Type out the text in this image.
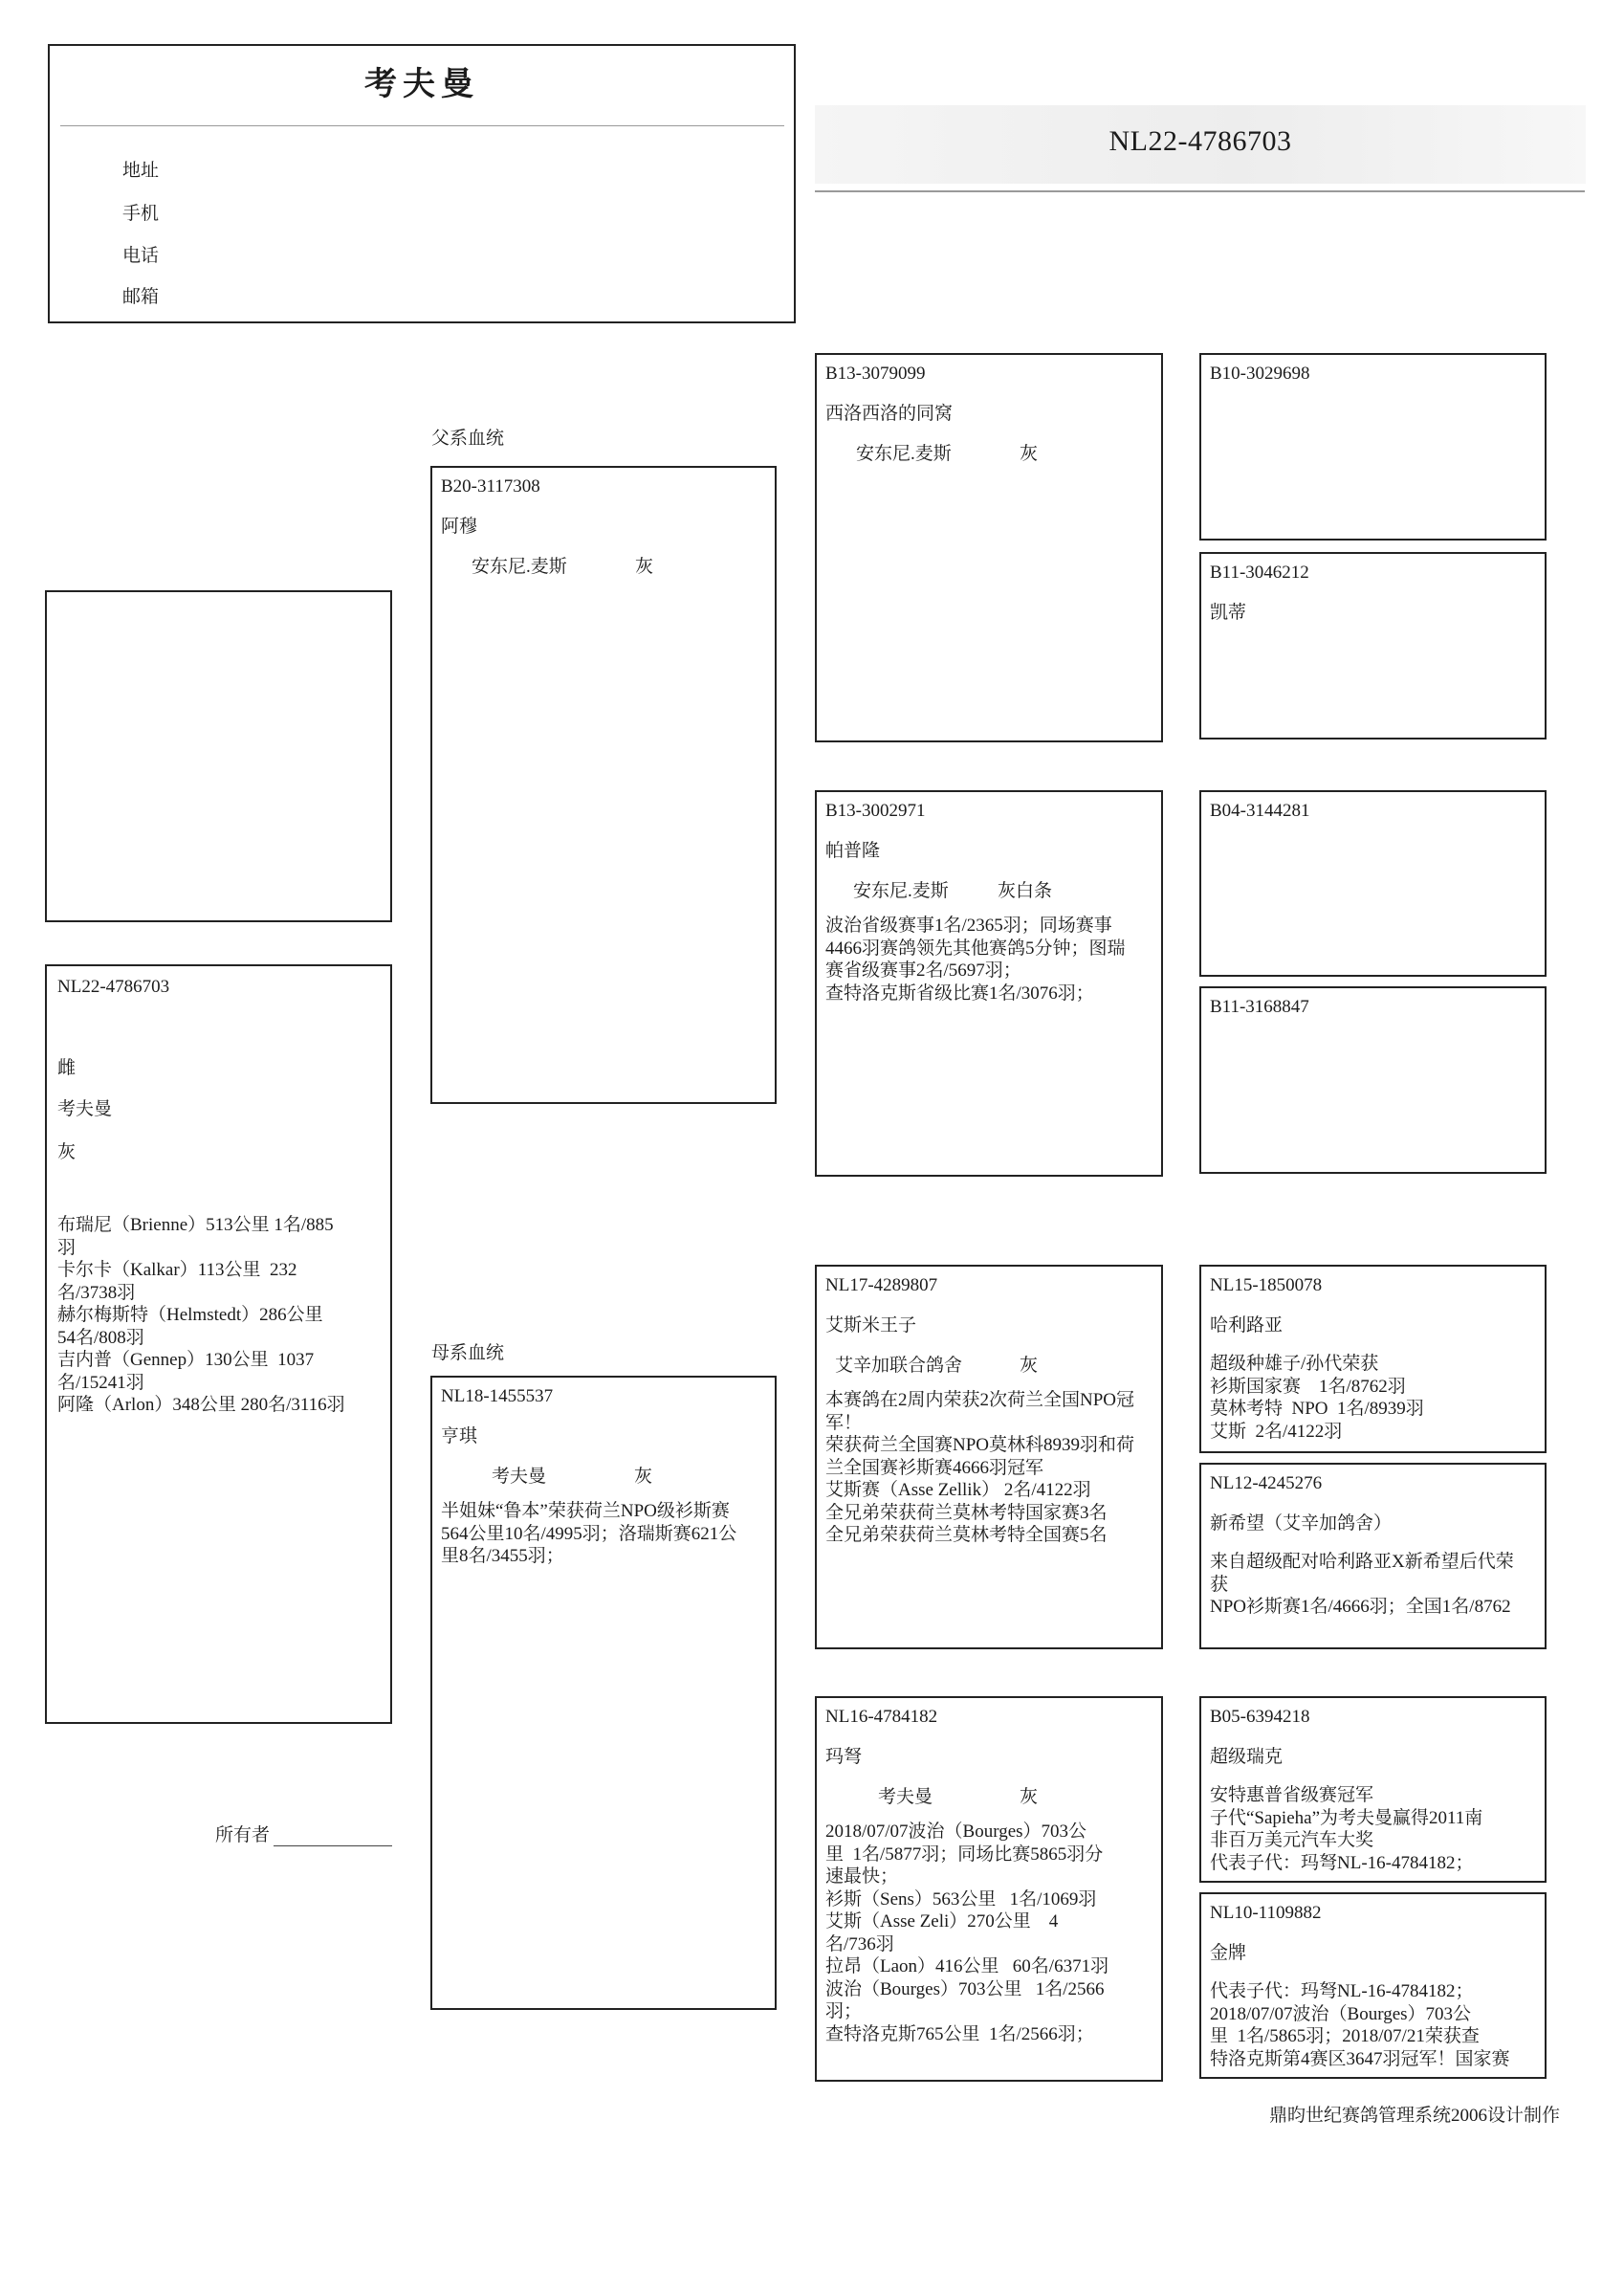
考夫曼
地址
手机
电话
邮箱
NL22-4786703
NL22-4786703
雌
考夫曼
灰
布瑞尼（Brienne）513公里 1名/885
羽
卡尔卡（Kalkar）113公里  232
名/3738羽
赫尔梅斯特（Helmstedt）286公里
54名/808羽
吉内普（Gennep）130公里  1037
名/15241羽
阿隆（Arlon）348公里 280名/3116羽
父系血统
母系血统
B20-3117308
阿穆

安东尼.麦斯

	灰

NL18-1455537
亨琪

考夫曼

	灰

半姐妹“鲁本”荣获荷兰NPO级衫斯赛
564公里10名/4995羽；洛瑞斯赛621公
里8名/3455羽；
B13-3079099
西洛西洛的同窝

安东尼.麦斯

	灰

B13-3002971
帕普隆

安东尼.麦斯

	灰白条

波治省级赛事1名/2365羽；同场赛事
4466羽赛鸽领先其他赛鸽5分钟；图瑞
赛省级赛事2名/5697羽；
查特洛克斯省级比赛1名/3076羽；
NL17-4289807
艾斯米王子

艾辛加联合鸽舍

	灰

本赛鸽在2周内荣获2次荷兰全国NPO冠
军！
荣获荷兰全国赛NPO莫林科8939羽和荷
兰全国赛衫斯赛4666羽冠军
艾斯赛（Asse Zellik） 2名/4122羽
全兄弟荣获荷兰莫林考特国家赛3名
全兄弟荣获荷兰莫林考特全国赛5名
NL16-4784182
玛弩

考夫曼

	灰

2018/07/07波治（Bourges）703公
里  1名/5877羽；同场比赛5865羽分
速最快；
衫斯（Sens）563公里   1名/1069羽
艾斯（Asse Zeli）270公里    4
名/736羽
拉昂（Laon）416公里   60名/6371羽
波治（Bourges）703公里   1名/2566
羽；
查特洛克斯765公里  1名/2566羽；
B10-3029698
B11-3046212
凯蒂
B04-3144281
B11-3168847
NL15-1850078
哈利路亚
超级种雄子/孙代荣获
衫斯国家赛    1名/8762羽
莫林考特  NPO  1名/8939羽
艾斯  2名/4122羽
NL12-4245276
新希望（艾辛加鸽舍）
来自超级配对哈利路亚X新希望后代荣
获
NPO衫斯赛1名/4666羽；全国1名/8762
B05-6394218
超级瑞克
安特惠普省级赛冠军
子代“Sapieha”为考夫曼赢得2011南
非百万美元汽车大奖
代表子代：玛弩NL-16-4784182；
NL10-1109882
金牌
代表子代：玛弩NL-16-4784182；
2018/07/07波治（Bourges）703公
里  1名/5865羽；2018/07/21荣获查
特洛克斯第4赛区3647羽冠军！国家赛
所有者
鼎昀世纪赛鸽管理系统2006设计制作
